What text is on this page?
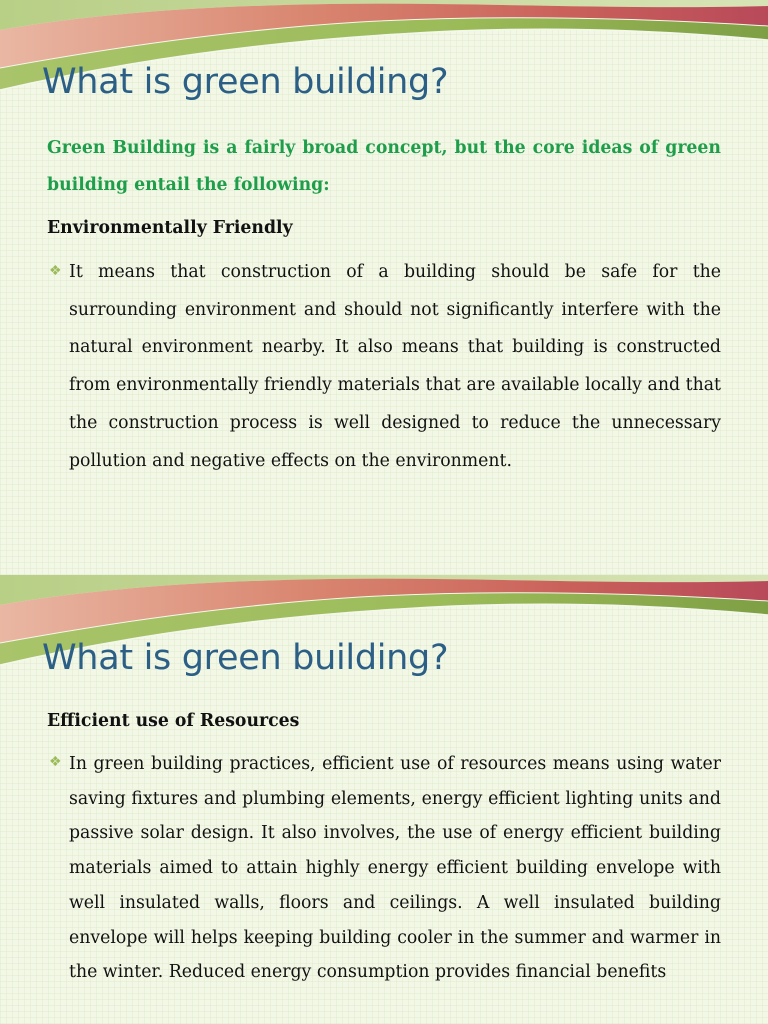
What is green building?

Green Building is a fairly broad concept, but the core ideas of green building entail the following:

Environmentally Friendly

❖ It means that construction of a building should be safe for the surrounding environment and should not significantly interfere with the natural environment nearby. It also means that building is constructed from environmentally friendly materials that are available locally and that the construction process is well designed to reduce the unnecessary pollution and negative effects on the environment.

What is green building?

Efficient use of Resources

❖ In green building practices, efficient use of resources means using water saving fixtures and plumbing elements, energy efficient lighting units and passive solar design. It also involves, the use of energy efficient building materials aimed to attain highly energy efficient building envelope with well insulated walls, floors and ceilings. A well insulated building envelope will helps keeping building cooler in the summer and warmer in the winter. Reduced energy consumption provides financial benefits
